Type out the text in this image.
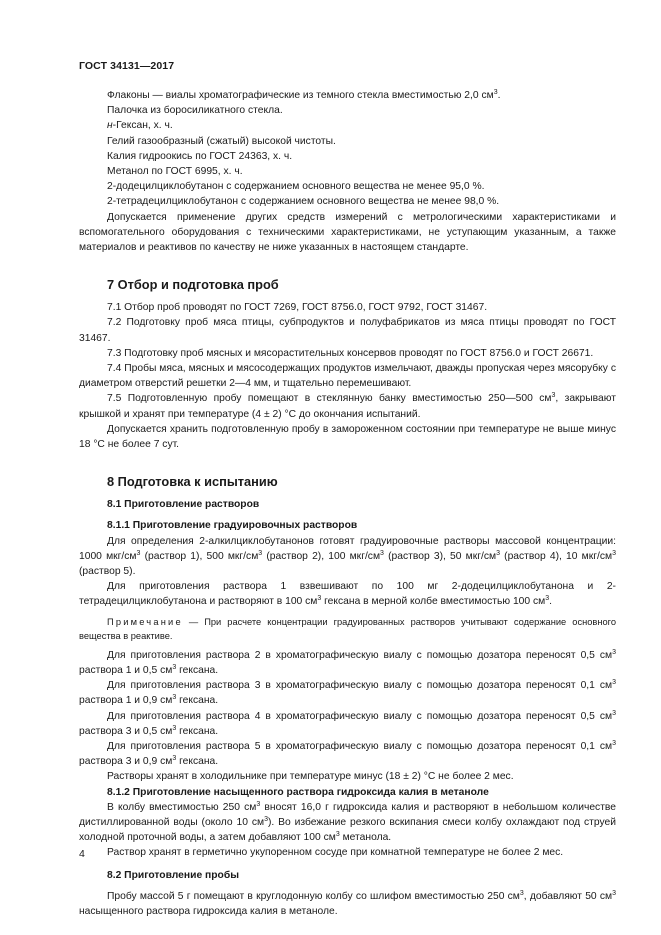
ГОСТ 34131—2017

Флаконы — виалы хроматографические из темного стекла вместимостью 2,0 $см^3$.

Палочка из боросиликатного стекла.

н-Гексан, х. ч.

Гелий газообразный (сжатый) высокой чистоты.

Калия гидроокись по ГОСТ 24363, х. ч.

Метанол по ГОСТ 6995, х. ч.

2-додецилциклобутанон с содержанием основного вещества не менее 95,0 %.

2-тетрадецилциклобутанон с содержанием основного вещества не менее 98,0 %.

Допускается применение других средств измерений с метрологическими характеристиками и вспомогательного оборудования с техническими характеристиками, не уступающим указанным, а также материалов и реактивов по качеству не ниже указанных в настоящем стандарте.

7 Отбор и подготовка проб

7.1 Отбор проб проводят по ГОСТ 7269, ГОСТ 8756.0, ГОСТ 9792, ГОСТ 31467.

7.2 Подготовку проб мяса птицы, субпродуктов и полуфабрикатов из мяса птицы проводят по ГОСТ 31467.

7.3 Подготовку проб мясных и мясорастительных консервов проводят по ГОСТ 8756.0 и ГОСТ 26671.

7.4 Пробы мяса, мясных и мясосодержащих продуктов измельчают, дважды пропуская через мясорубку с диаметром отверстий решетки 2—4 мм, и тщательно перемешивают.

7.5 Подготовленную пробу помещают в стеклянную банку вместимостью 250—500 $см^3$, закрывают крышкой и хранят при температуре (4 ± 2) °С до окончания испытаний.

Допускается хранить подготовленную пробу в замороженном состоянии при температуре не выше минус 18 °С не более 7 сут.

8 Подготовка к испытанию

8.1 Приготовление растворов

8.1.1 Приготовление градуировочных растворов

Для определения 2-алкилциклобутанонов готовят градуировочные растворы массовой концентрации: 1000 мкг/$см^3$ (раствор 1), 500 мкг/$см^3$ (раствор 2), 100 мкг/$см^3$ (раствор 3), 50 мкг/$см^3$ (раствор 4), 10 мкг/$см^3$ (раствор 5).

Для приготовления раствора 1 взвешивают по 100 мг 2-додецилциклобутанона и 2-тетрадецилциклобутанона и растворяют в 100 $см^3$ гексана в мерной колбе вместимостью 100 $см^3$.

Примечание — При расчете концентрации градуированных растворов учитывают содержание основного вещества в реактиве.

Для приготовления раствора 2 в хроматографическую виалу с помощью дозатора переносят 0,5 $см^3$ раствора 1 и 0,5 $см^3$ гексана.

Для приготовления раствора 3 в хроматографическую виалу с помощью дозатора переносят 0,1 $см^3$ раствора 1 и 0,9 $см^3$ гексана.

Для приготовления раствора 4 в хроматографическую виалу с помощью дозатора переносят 0,5 $см^3$ раствора 3 и 0,5 $см^3$ гексана.

Для приготовления раствора 5 в хроматографическую виалу с помощью дозатора переносят 0,1 $см^3$ раствора 3 и 0,9 $см^3$ гексана.

Растворы хранят в холодильнике при температуре минус (18 ± 2) °С не более 2 мес.

8.1.2 Приготовление насыщенного раствора гидроксида калия в метаноле

В колбу вместимостью 250 $см^3$ вносят 16,0 г гидроксида калия и растворяют в небольшом количестве дистиллированной воды (около 10 $см^3$). Во избежание резкого вскипания смеси колбу охлаждают под струей холодной проточной воды, а затем добавляют 100 $см^3$ метанола.

Раствор хранят в герметично укупоренном сосуде при комнатной температуре не более 2 мес.

8.2 Приготовление пробы

Пробу массой 5 г помещают в круглодонную колбу со шлифом вместимостью 250 $см^3$, добавляют 50 $см^3$ насыщенного раствора гидроксида калия в метаноле.

4
